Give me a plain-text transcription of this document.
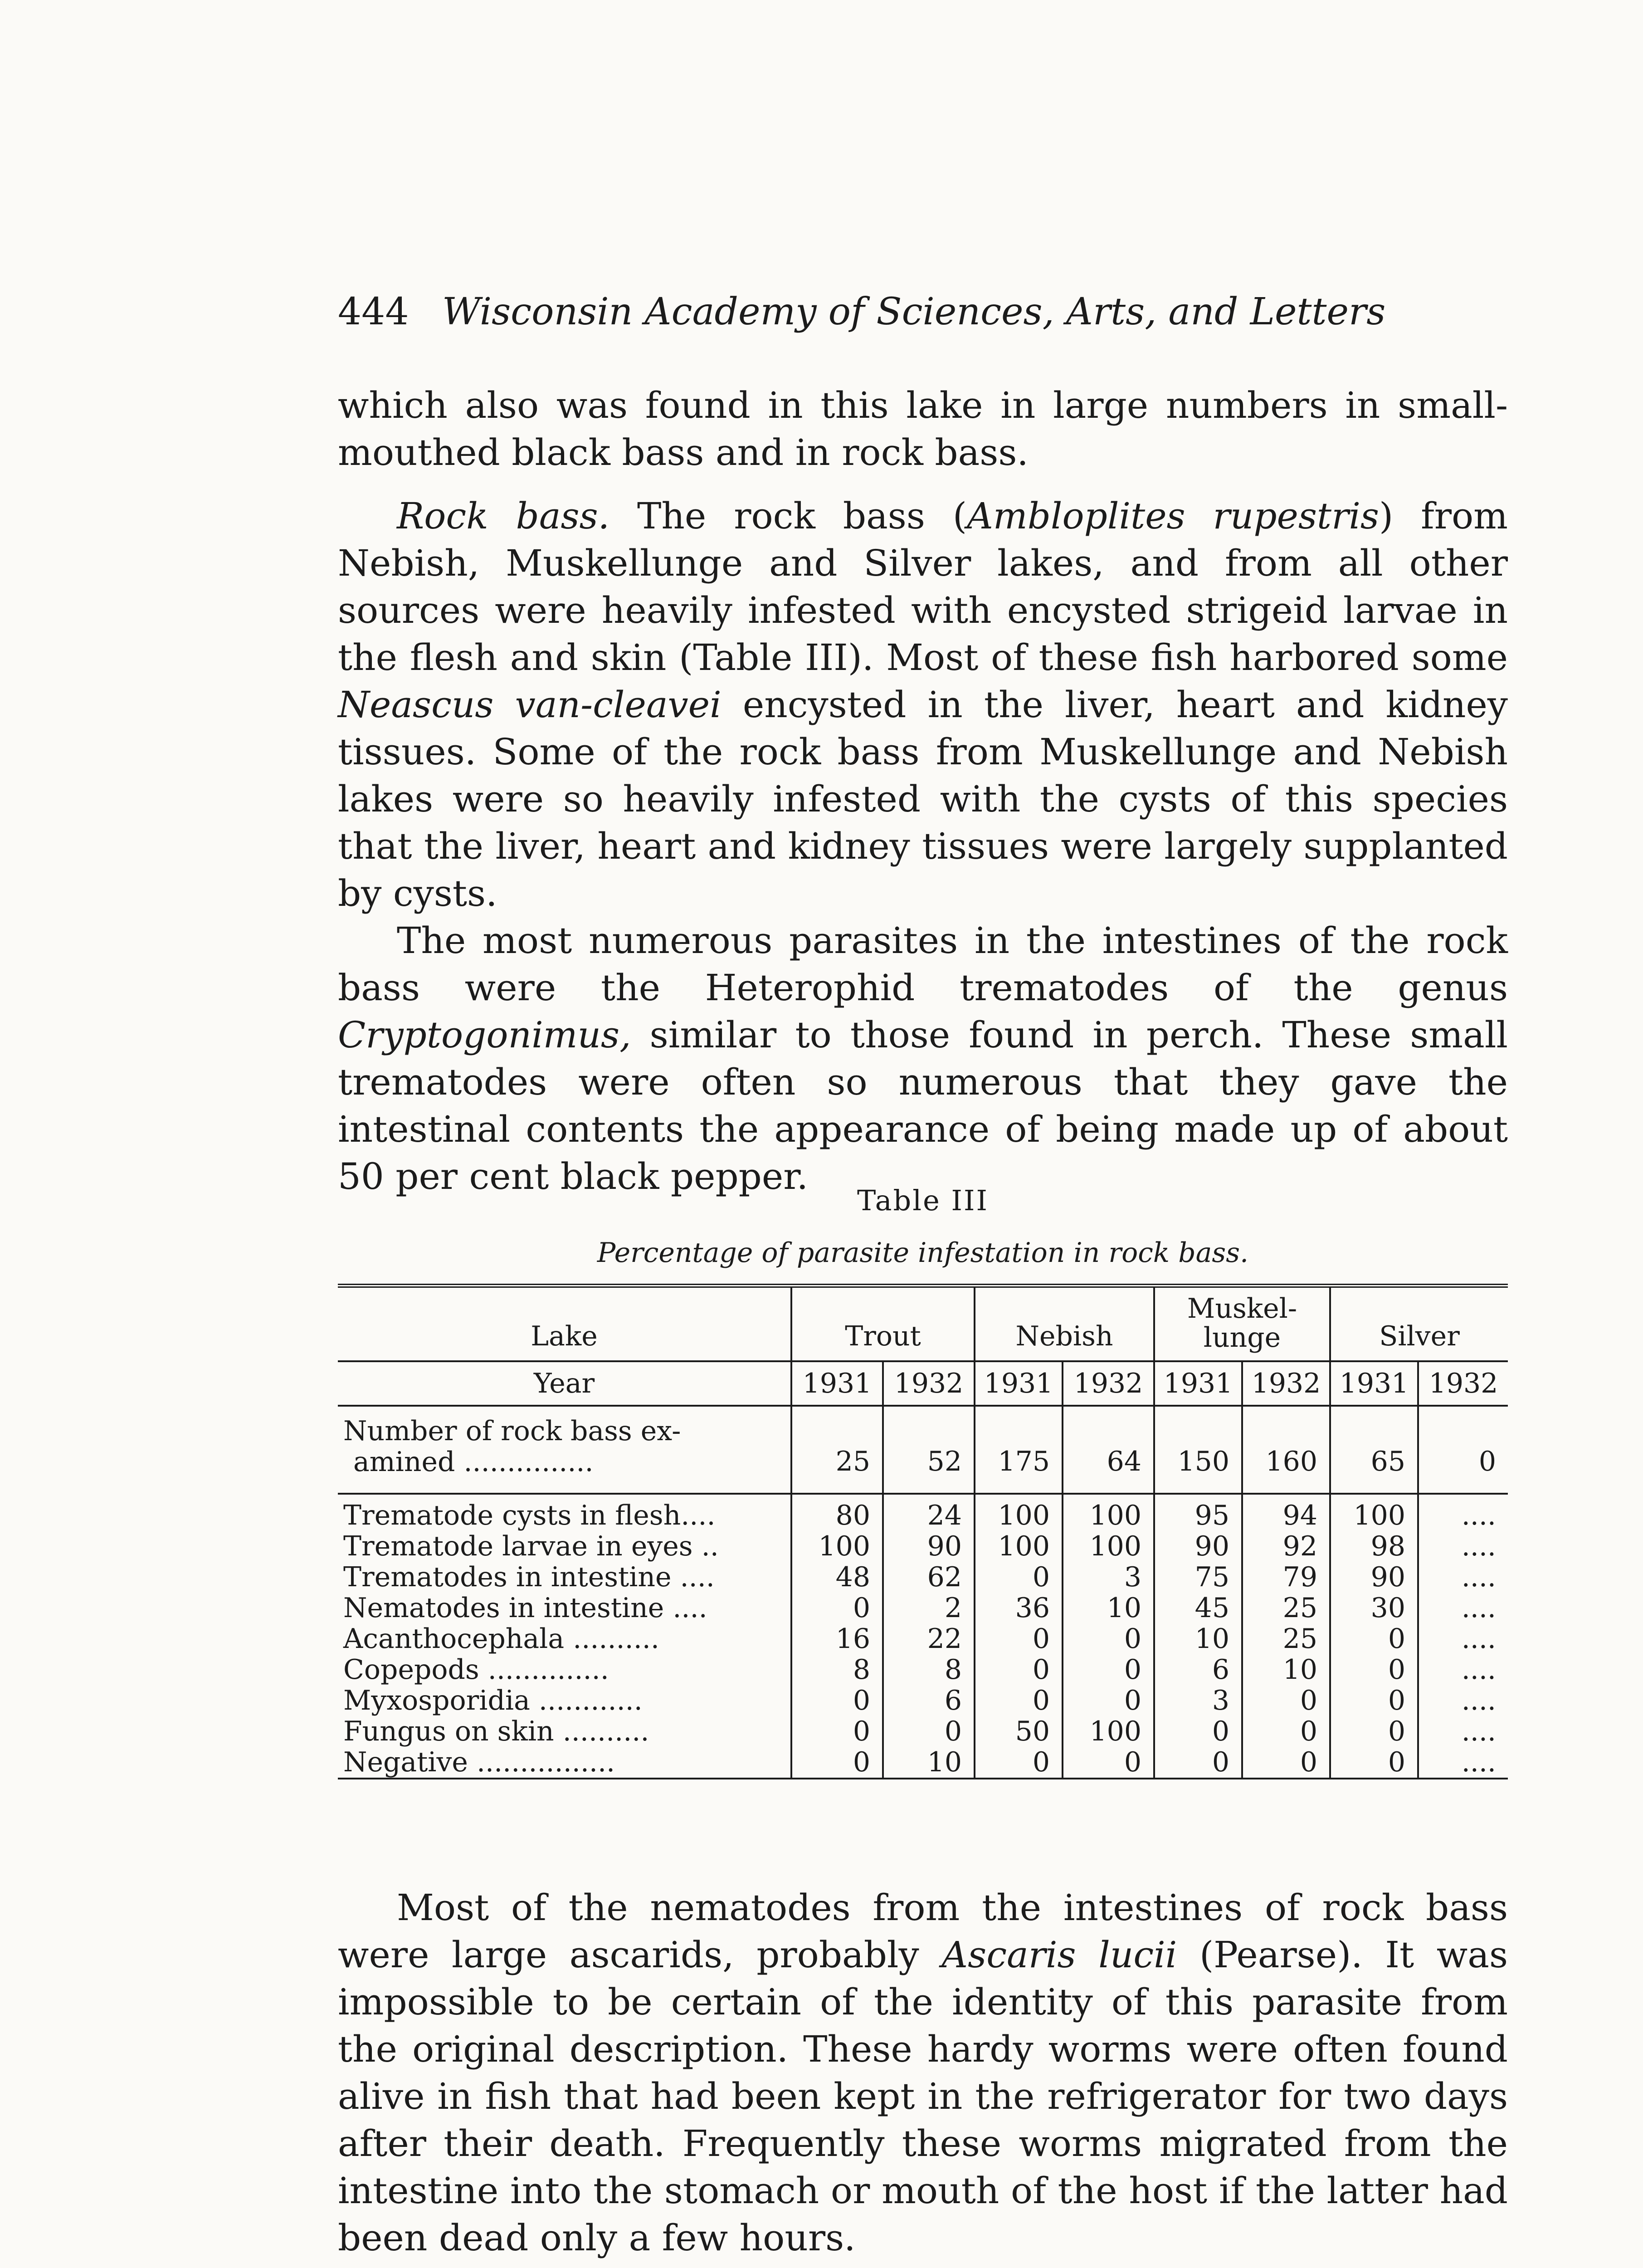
444 Wisconsin Academy of Sciences, Arts, and Letters

which also was found in this lake in large numbers in small-mouthed black bass and in rock bass.

Rock bass. The rock bass (Ambloplites rupestris) from Nebish, Muskellunge and Silver lakes, and from all other sources were heavily infested with encysted strigeid larvae in the flesh and skin (Table III). Most of these fish harbored some Neascus van-cleavei encysted in the liver, heart and kidney tissues. Some of the rock bass from Muskellunge and Nebish lakes were so heavily infested with the cysts of this species that the liver, heart and kidney tissues were largely supplanted by cysts.

The most numerous parasites in the intestines of the rock bass were the Heterophid trematodes of the genus Cryptogonimus, similar to those found in perch. These small trematodes were often so numerous that they gave the intestinal contents the appearance of being made up of about 50 per cent black pepper.

Table III
Percentage of parasite infestation in rock bass.

Lake	Trout		Nebish		Muskel-lunge		Silver	
Year	1931	1932	1931	1932	1931	1932	1931	1932
Number of rock bass ex-
amined ...............	25	52	175	64	150	160	65	0
Trematode cysts in flesh....	80	24	100	100	95	94	100	....
Trematode larvae in eyes ..	100	90	100	100	90	92	98	....
Trematodes in intestine ....	48	62	0	3	75	79	90	....
Nematodes in intestine ....	0	2	36	10	45	25	30	....
Acanthocephala ..........	16	22	0	0	10	25	0	....
Copepods ..............	8	8	0	0	6	10	0	....
Myxosporidia ............	0	6	0	0	3	0	0	....
Fungus on skin ..........	0	0	50	100	0	0	0	....
Negative ................	0	10	0	0	0	0	0	....

Most of the nematodes from the intestines of rock bass were large ascarids, probably Ascaris lucii (Pearse). It was impossible to be certain of the identity of this parasite from the original description. These hardy worms were often found alive in fish that had been kept in the refrigerator for two days after their death. Frequently these worms migrated from the intestine into the stomach or mouth of the host if the latter had been dead only a few hours.
